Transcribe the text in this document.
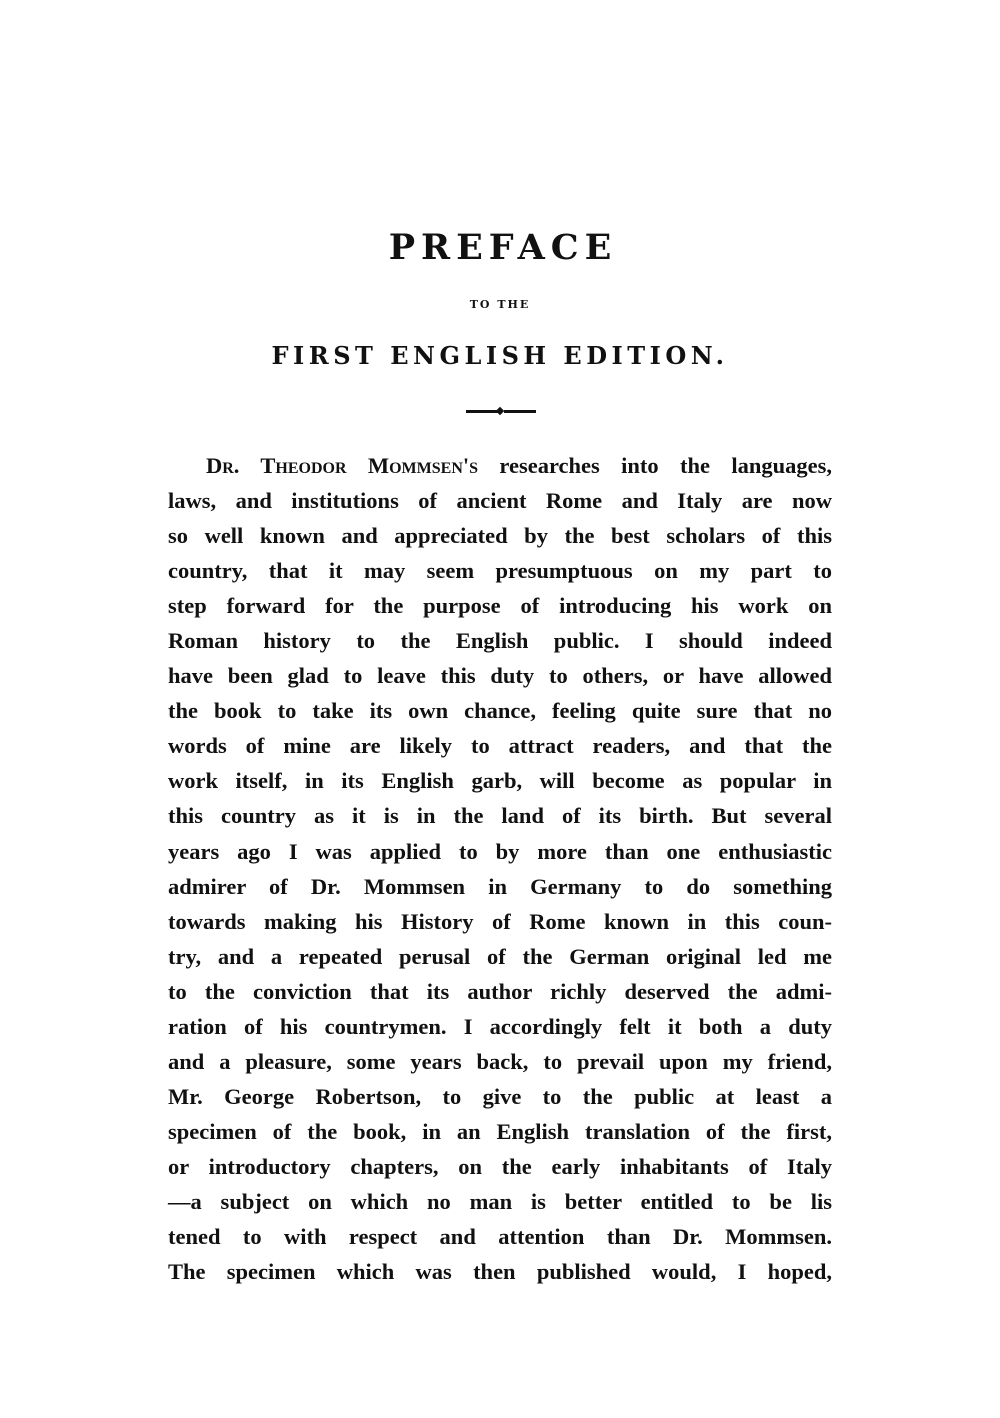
PREFACE
TO THE
FIRST ENGLISH EDITION.
Dr. Theodor Mommsen's researches into the languages,
laws, and institutions of ancient Rome and Italy are now
so well known and appreciated by the best scholars of this
country, that it may seem presumptuous on my part to
step forward for the purpose of introducing his work on
Roman history to the English public. I should indeed
have been glad to leave this duty to others, or have allowed
the book to take its own chance, feeling quite sure that no
words of mine are likely to attract readers, and that the
work itself, in its English garb, will become as popular in
this country as it is in the land of its birth. But several
years ago I was applied to by more than one enthusiastic
admirer of Dr. Mommsen in Germany to do something
towards making his History of Rome known in this coun-
try, and a repeated perusal of the German original led me
to the conviction that its author richly deserved the admi-
ration of his countrymen. I accordingly felt it both a duty
and a pleasure, some years back, to prevail upon my friend,
Mr. George Robertson, to give to the public at least a
specimen of the book, in an English translation of the first,
or introductory chapters, on the early inhabitants of Italy
—a subject on which no man is better entitled to be lis
tened to with respect and attention than Dr. Mommsen.
The specimen which was then published would, I hoped,
